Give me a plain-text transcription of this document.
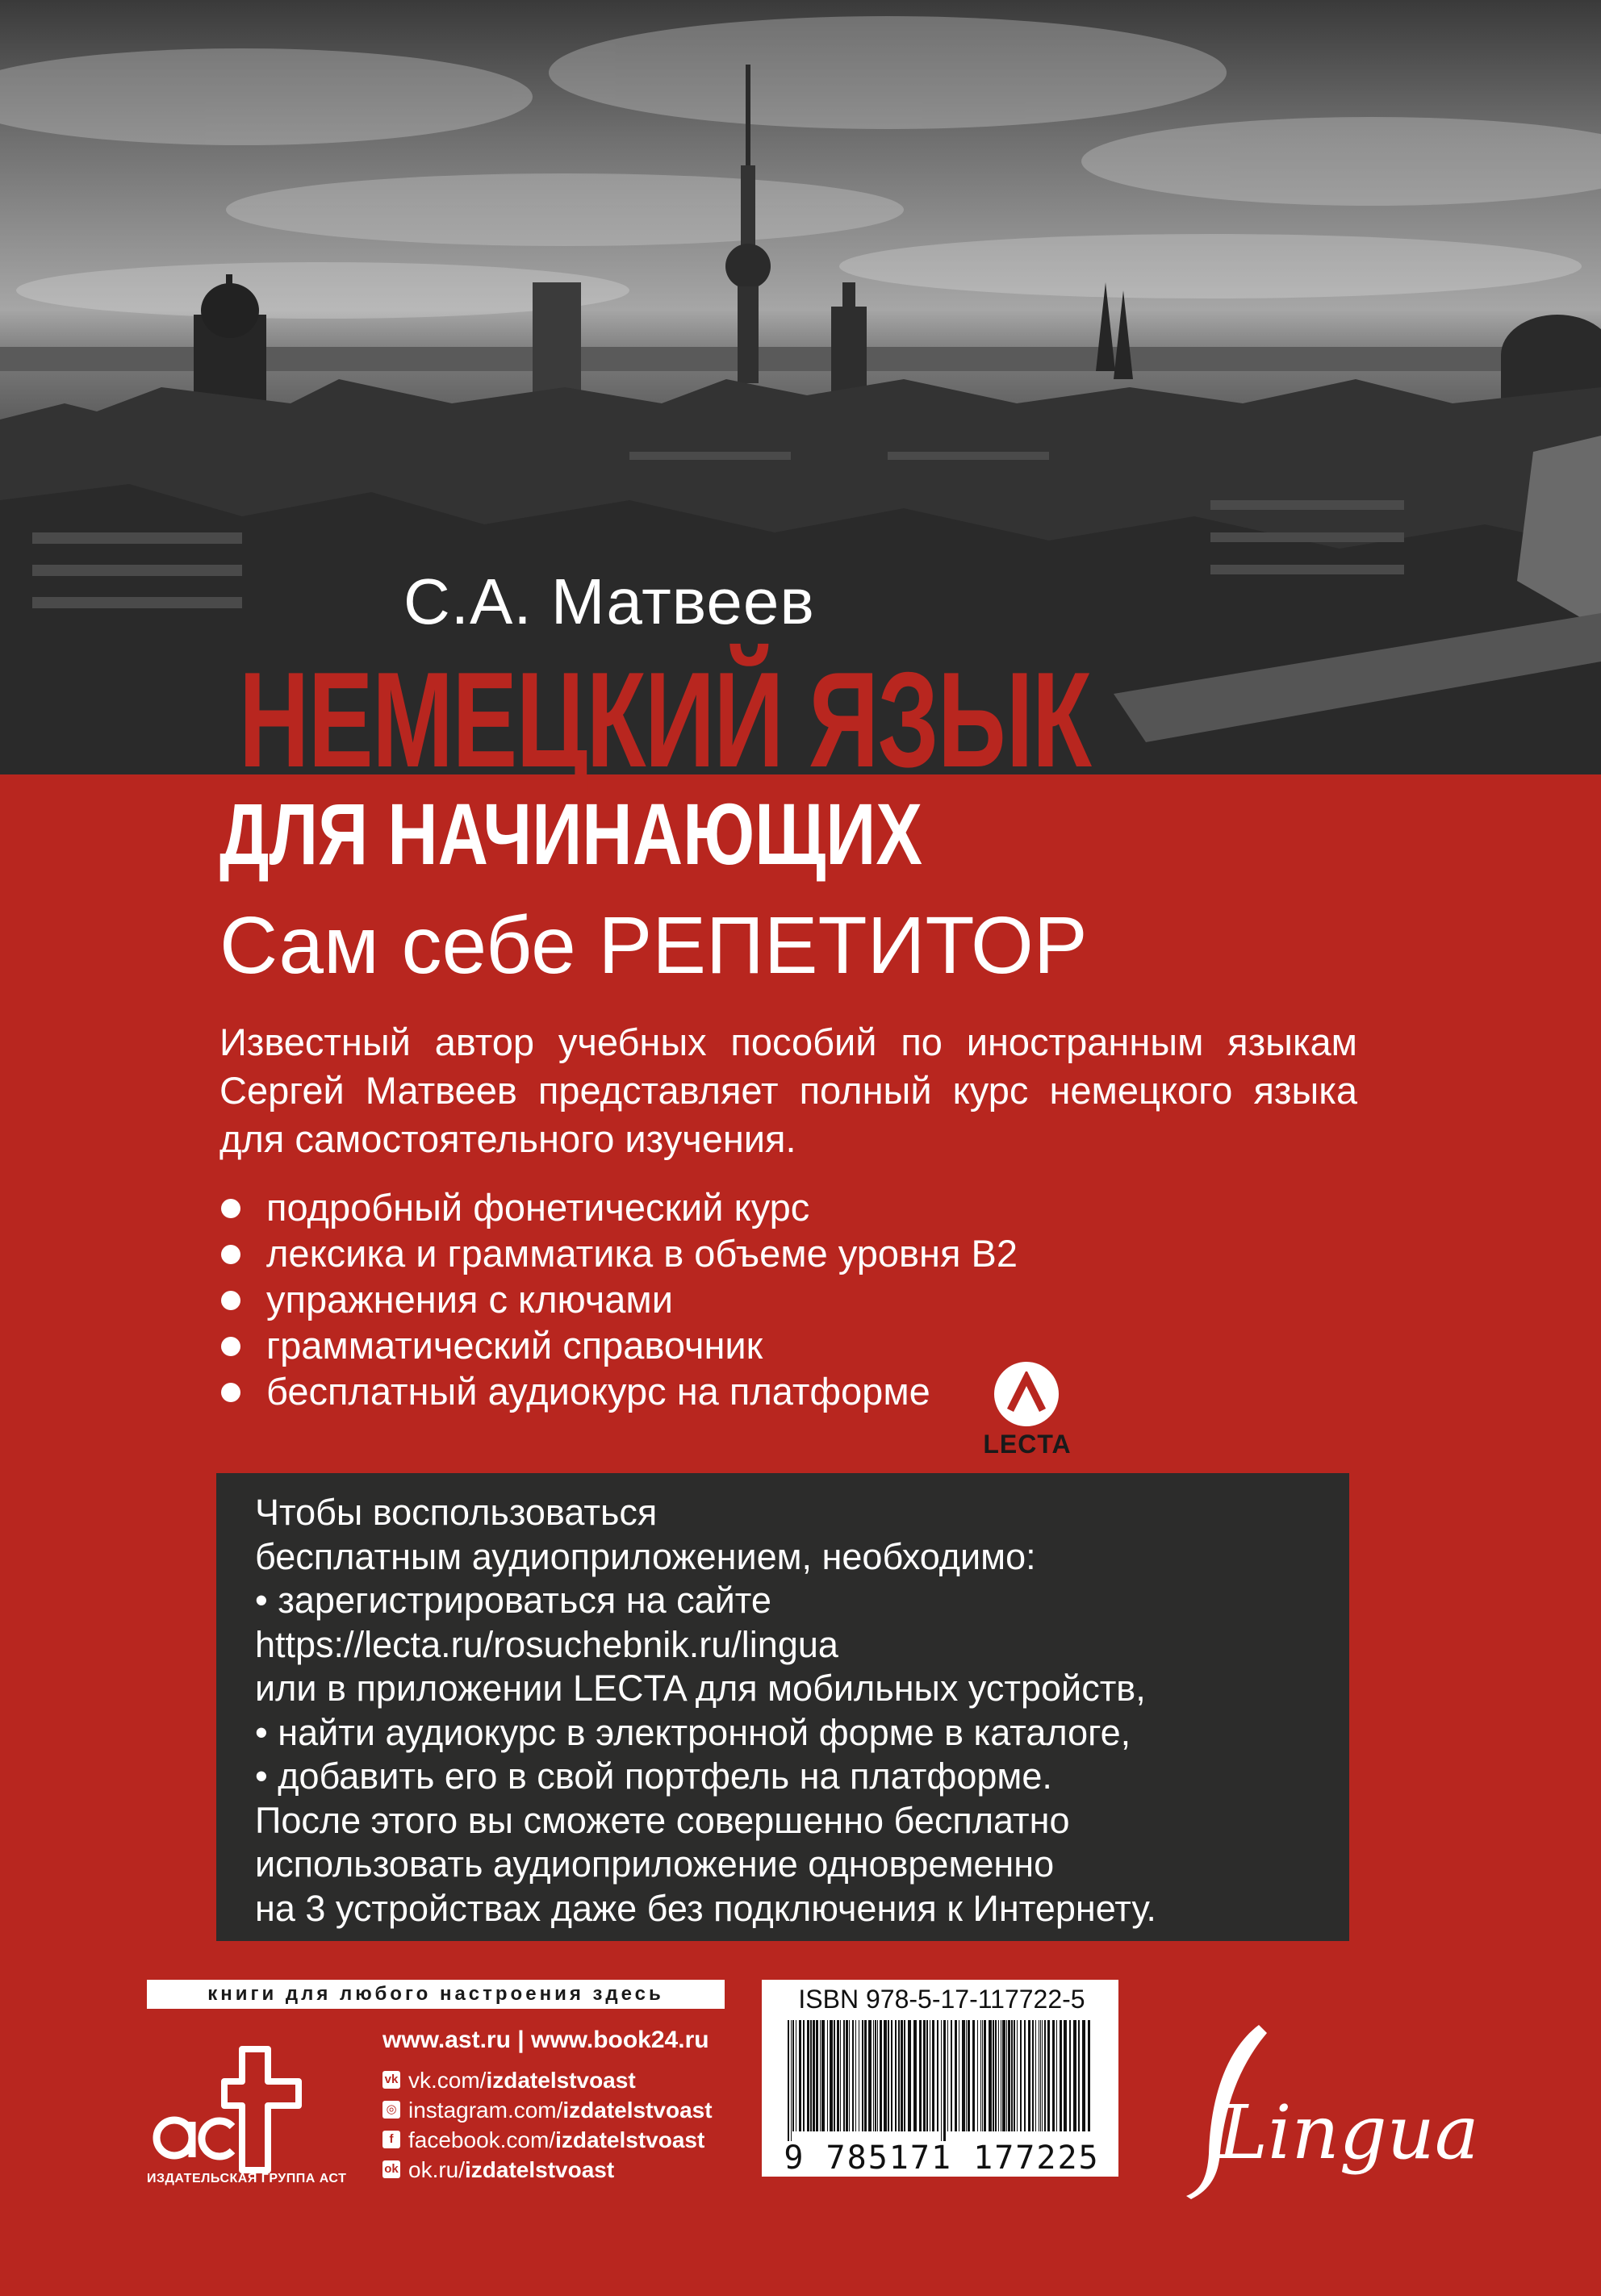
С.А. Матвеев

НЕМЕЦКИЙ ЯЗЫК
ДЛЯ НАЧИНАЮЩИХ
Сам себе РЕПЕТИТОР

Известный автор учебных пособий по иностранным языкам Сергей Матвеев представляет полный курс немецкого языка для самостоятельного изучения.

подробный фонетический курс
лексика и грамматика в объеме уровня В2
упражнения с ключами
грамматический справочник
бесплатный аудиокурс на платформе
LECTA

Чтобы воспользоваться

бесплатным аудиоприложением, необходимо:

• зарегистрироваться на сайте

https://lecta.ru/rosuchebnik.ru/lingua

или в приложении LECTA для мобильных устройств,

• найти аудиокурс в электронной форме в каталоге,

• добавить его в свой портфель на платформе.

После этого вы сможете совершенно бесплатно

использовать аудиоприложение одновременно

на 3 устройствах даже без подключения к Интернету.

книги для любого настроения здесь

ИЗДАТЕЛЬСКАЯ ГРУППА АСТ

www.ast.ru | www.book24.ru

vk vk.com/izdatelstvoast
◎ instagram.com/izdatelstvoast
f facebook.com/izdatelstvoast
ok ok.ru/izdatelstvoast

ISBN 978-5-17-117722-5

9 785171 177225 Lingua
